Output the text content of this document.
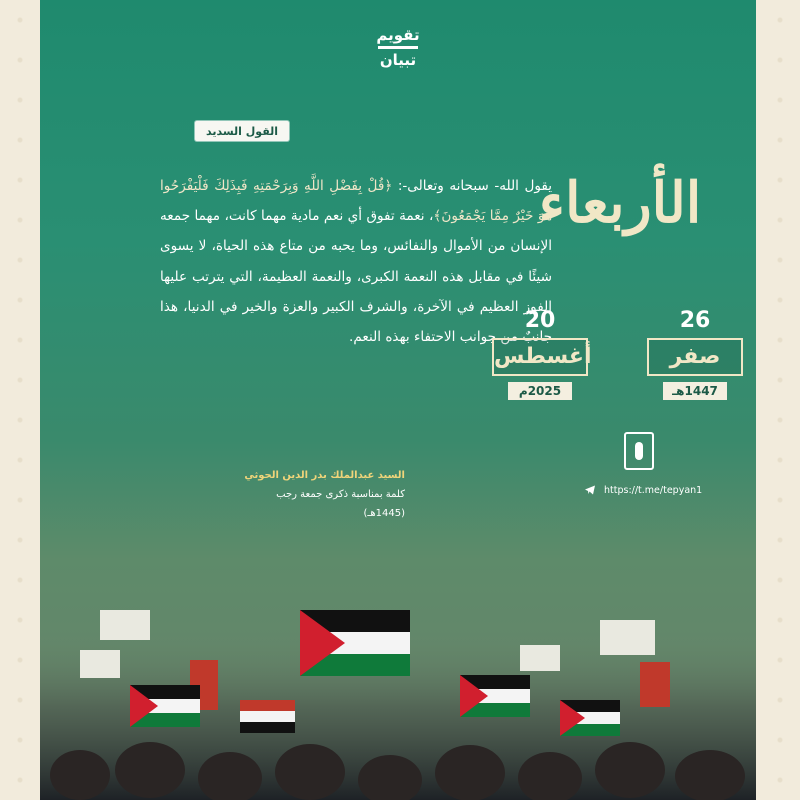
تقويم
تبيان
القول السديد
يقول الله- سبحانه وتعالى-: ﴿قُلْ بِفَضْلِ اللَّهِ وَبِرَحْمَتِهِ فَبِذَلِكَ فَلْيَفْرَحُوا هُوَ خَيْرٌ مِمَّا يَجْمَعُونَ﴾، نعمة تفوق أي نعم مادية مهما كانت، مهما جمعه الإنسان من الأموال والنفائس، وما يحبه من متاع هذه الحياة، لا يسوى شيئًا في مقابل هذه النعمة الكبرى، والنعمة العظيمة، التي يترتب عليها الفوز العظيم في الآخرة، والشرف الكبير والعزة والخير في الدنيا، هذا جانبٌ من جوانب الاحتفاء بهذه النعم.
السيد عبدالملك بدر الدين الحوثي
كلمة بمناسبة ذكرى جمعة رجب
(1445هـ)
الأربعاء
26
صفر
1447هـ
20
أغسطس
2025م
https://t.me/tepyan1
